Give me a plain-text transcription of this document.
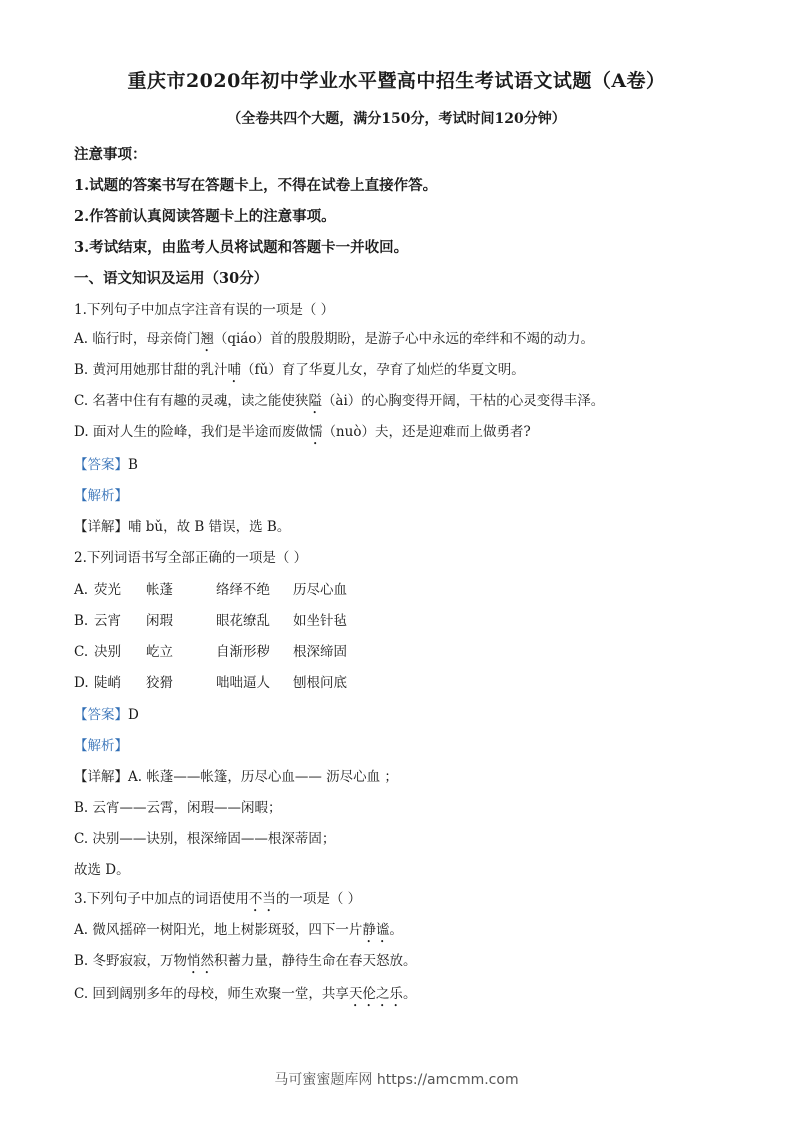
重庆市2020年初中学业水平暨高中招生考试语文试题（A卷）
（全卷共四个大题，满分150分，考试时间120分钟）
注意事项：
1.试题的答案书写在答题卡上，不得在试卷上直接作答。
2.作答前认真阅读答题卡上的注意事项。
3.考试结束，由监考人员将试题和答题卡一并收回。
一、语文知识及运用（30分）
1.下列句子中加点字注音有误的一项是（ ）
A. 临行时，母亲倚门翘（qiáo）首的殷殷期盼，是游子心中永远的牵绊和不竭的动力。
B. 黄河用她那甘甜的乳汁哺（fǔ）育了华夏儿女，孕育了灿烂的华夏文明。
C. 名著中住有有趣的灵魂，读之能使狭隘（ài）的心胸变得开阔，干枯的心灵变得丰泽。
D. 面对人生的险峰，我们是半途而废做懦（nuò）夫，还是迎难而上做勇者?
【答案】B
【解析】
【详解】哺 bǔ，故 B 错误，选 B。
2.下列词语书写全部正确的一项是（ ）
A. 荧光 帐蓬	络绎不绝 历尽心血
B. 云宵 闲瑕	眼花缭乱 如坐针毡
C. 决别 屹立	自渐形秽 根深缔固
D. 陡峭 狡猾	咄咄逼人 刨根问底
【答案】D
【解析】
【详解】A. 帐蓬——帐篷，历尽心血—— 沥尽心血 ；
B. 云宵——云霄，闲瑕——闲暇；
C. 决别——诀别，根深缔固——根深蒂固；
故选 D。
3.下列句子中加点的词语使用不当的一项是（ ）
A. 微风摇碎一树阳光，地上树影斑驳，四下一片静谧。
B. 冬野寂寂，万物悄然积蓄力量，静待生命在春天怒放。
C. 回到阔别多年的母校，师生欢聚一堂，共享天伦之乐。
马可蜜蜜题库网 https://amcmm.com
